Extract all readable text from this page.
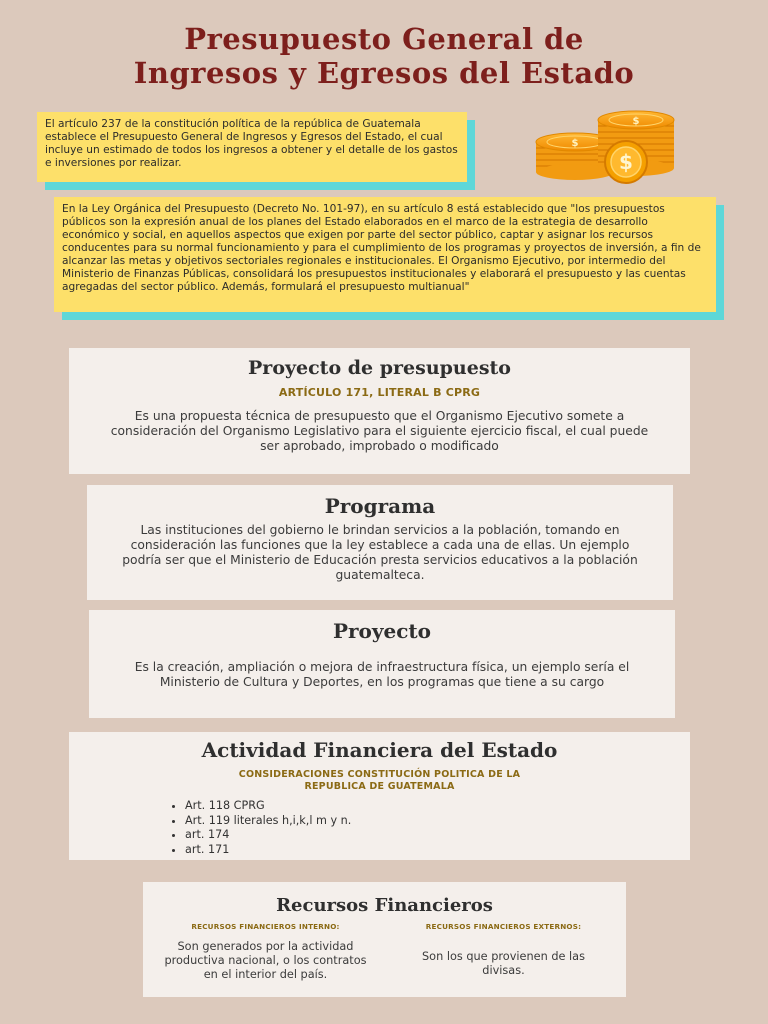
Presupuesto General de
Ingresos y Egresos del Estado
El artículo 237 de la constitución política de la república de Guatemala establece el Presupuesto General de Ingresos y Egresos del Estado, el cual incluye un estimado de todos los ingresos a obtener y el detalle de los gastos e inversiones por realizar.
$
$
$
En la Ley Orgánica del Presupuesto (Decreto No. 101-97), en su artículo 8 está establecido que "los presupuestos públicos son la expresión anual de los planes del Estado elaborados en el marco de la estrategia de desarrollo económico y social, en aquellos aspectos que exigen por parte del sector público, captar y asignar los recursos conducentes para su normal funcionamiento y para el cumplimiento de los programas y proyectos de inversión, a fin de alcanzar las metas y objetivos sectoriales regionales e institucionales. El Organismo Ejecutivo, por intermedio del Ministerio de Finanzas Públicas, consolidará los presupuestos institucionales y elaborará el presupuesto y las cuentas agregadas del sector público. Además, formulará el presupuesto multianual"
Proyecto de presupuesto
ARTÍCULO 171, LITERAL B CPRG
Es una propuesta técnica de presupuesto que el Organismo Ejecutivo somete a consideración del Organismo Legislativo para el siguiente ejercicio fiscal, el cual puede ser aprobado, improbado o modificado
Programa
Las instituciones del gobierno le brindan servicios a la población, tomando en consideración las funciones que la ley establece a cada una de ellas. Un ejemplo podría ser que el Ministerio de Educación presta servicios educativos a la población guatemalteca.
Proyecto
Es la creación, ampliación o mejora de infraestructura física, un ejemplo sería el Ministerio de Cultura y Deportes, en los programas que tiene a su cargo
Actividad Financiera del Estado
CONSIDERACIONES CONSTITUCIÓN POLITICA DE LA REPUBLICA DE GUATEMALA
• Art. 118 CPRG
• Art. 119 literales h,i,k,l m y n.
• art. 174
• art. 171
Recursos Financieros
RECURSOS FINANCIEROS INTERNO:
Son generados por la actividad productiva nacional, o los contratos en el interior del país.
RECURSOS FINANCIEROS EXTERNOS:
Son los que provienen de las divisas.
